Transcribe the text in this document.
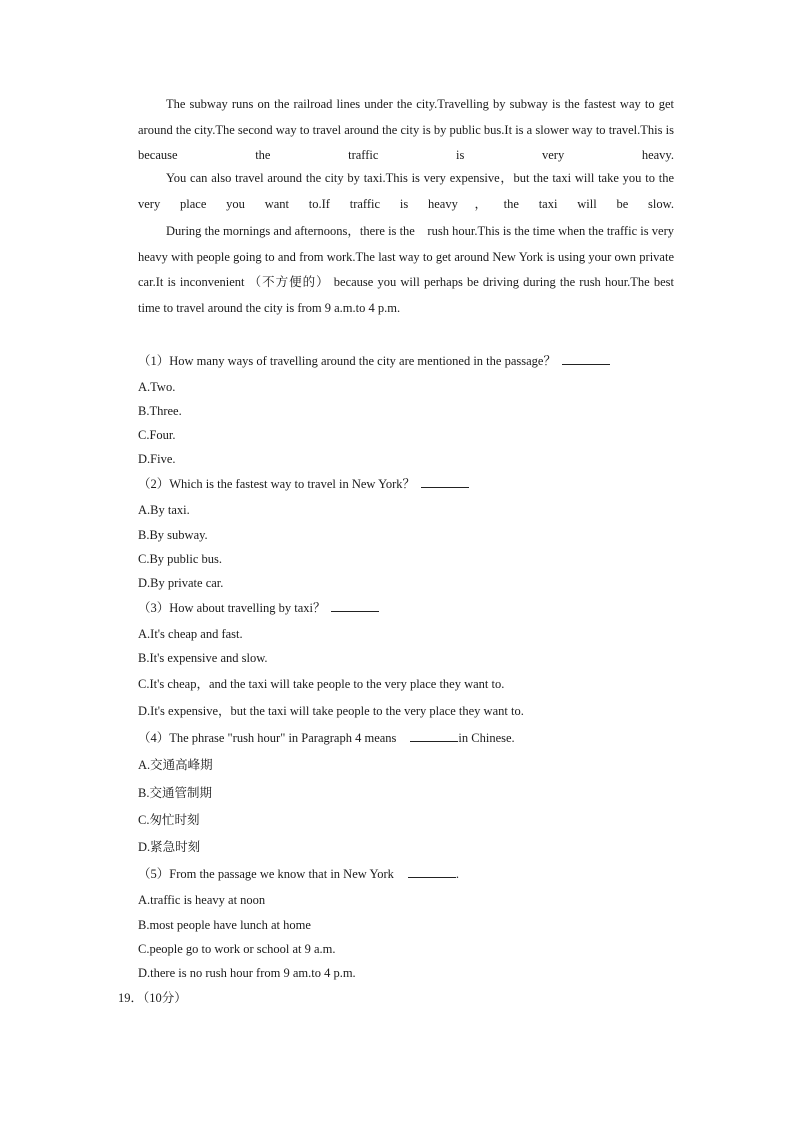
The subway runs on the railroad lines under the city.Travelling by subway is the fastest way to get around the city.The second way to travel around the city is by public bus.It is a slower way to travel.This is because the traffic is very heavy.

You can also travel around the city by taxi.This is very expensive，but the taxi will take you to the very place you want to.If traffic is heavy，the taxi will be slow.

During the mornings and afternoons，there is the　rush hour.This is the time when the traffic is very heavy with people going to and from work.The last way to get around New York is using your own private car.It is inconvenient （不方便的） because you will perhaps be driving during the rush hour.The best time to travel around the city is from 9 a.m.to 4 p.m.

（1）How many ways of travelling around the city are mentioned in the passage？
A.Two.
B.Three.
C.Four.
D.Five.
（2）Which is the fastest way to travel in New York？
A.By taxi.
B.By subway.
C.By public bus.
D.By private car.
（3）How about travelling by taxi？
A.It's cheap and fast.
B.It's expensive and slow.
C.It's cheap，and the taxi will take people to the very place they want to.
D.It's expensive，but the taxi will take people to the very place they want to.
（4）The phrase "rush hour" in Paragraph 4 means	in Chinese.
A.交通高峰期
B.交通管制期
C.匆忙时刻
D.紧急时刻
（5）From the passage we know that in New York	.
A.traffic is heavy at noon
B.most people have lunch at home
C.people go to work or school at 9 a.m.
D.there is no rush hour from 9 am.to 4 p.m.
19．（10分）
